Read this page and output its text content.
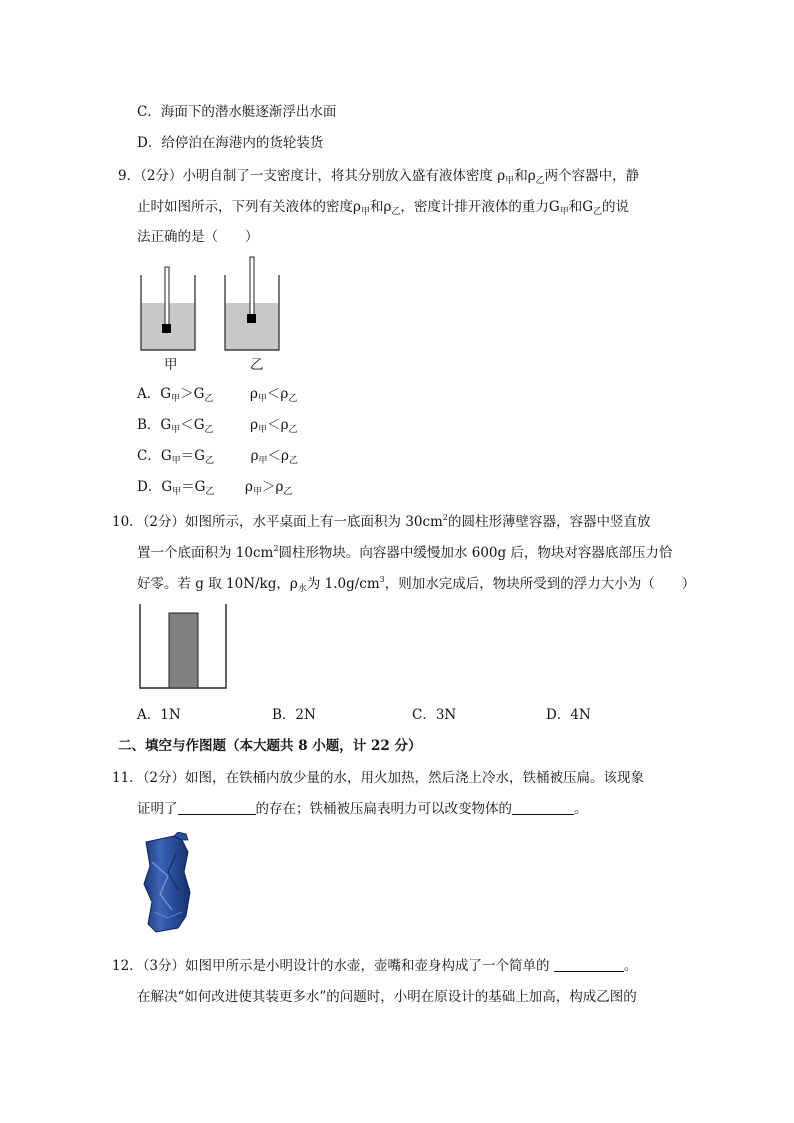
C．海面下的潜水艇逐渐浮出水面
D．给停泊在海港内的货轮装货
9．（2分）小明自制了一支密度计，将其分别放入盛有液体密度 $\rho_甲$和$\rho_乙$两个容器中，静
止时如图所示，下列有关液体的密度$\rho_甲$和$\rho_乙$，密度计排开液体的重力$G_甲$和$G_乙$的说
法正确的是（　　）
甲	乙
A．$G_甲>G_乙$	$\rho_甲<\rho_乙$
B．$G_甲<G_乙$	$\rho_甲<\rho_乙$
C．$G_甲=G_乙$	$\rho_甲<\rho_乙$
D．$G_甲=G_乙$ $\rho_甲>\rho_乙$
10．（2分）如图所示，水平桌面上有一底面积为 $30cm^2$的圆柱形薄壁容器，容器中竖直放
置一个底面积为 $10cm^2$圆柱形物块。向容器中缓慢加水 600g 后，物块对容器底部压力恰
好零。若 g 取 10N/kg，$\rho_水$为 $1.0g/cm^3$，则加水完成后，物块所受到的浮力大小为（　　）
A．1N	B．2N	C．3N	D．4N
二、填空与作图题（本大题共 8 小题，计 22 分）
11．（2分）如图，在铁桶内放少量的水，用火加热，然后浇上冷水，铁桶被压扁。该现象
证明了	的存在；铁桶被压扁表明力可以改变物体的	。
12．（3分）如图甲所示是小明设计的水壶，壶嘴和壶身构成了一个简单的	。
在解决“如何改进使其装更多水”的问题时，小明在原设计的基础上加高，构成乙图的
